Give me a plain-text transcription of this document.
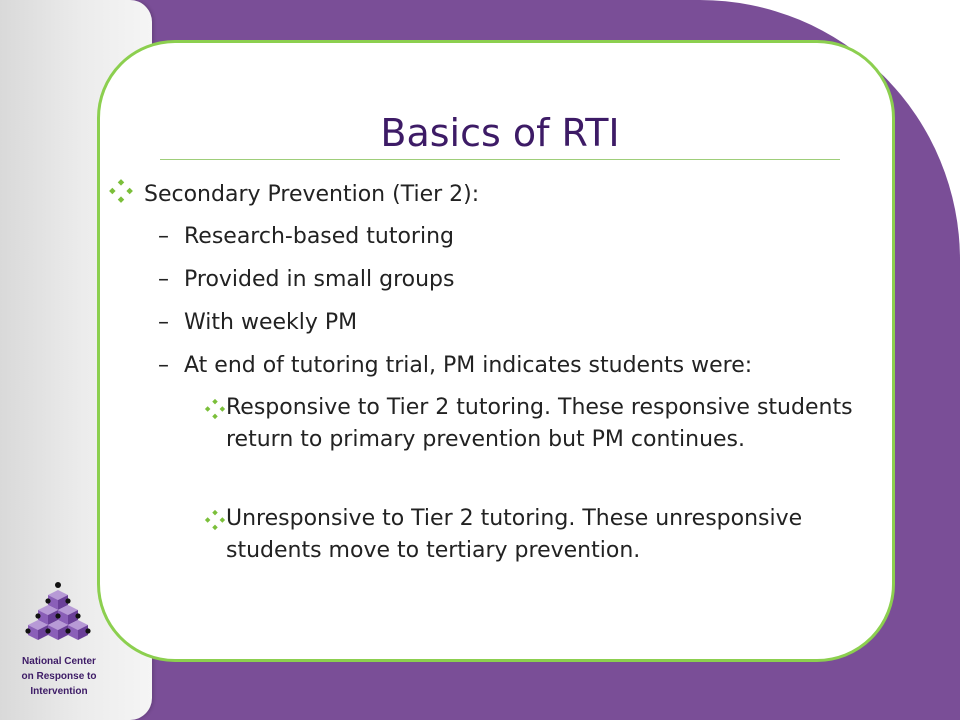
Basics of RTI
Secondary Prevention (Tier 2):
– Research-based tutoring
– Provided in small groups
– With weekly PM
– At end of tutoring trial, PM indicates students were:
Responsive to Tier 2 tutoring. These responsive students return to primary prevention but PM continues.
Unresponsive to Tier 2 tutoring. These unresponsive students move to tertiary prevention.
National Center
on Response to
Intervention
